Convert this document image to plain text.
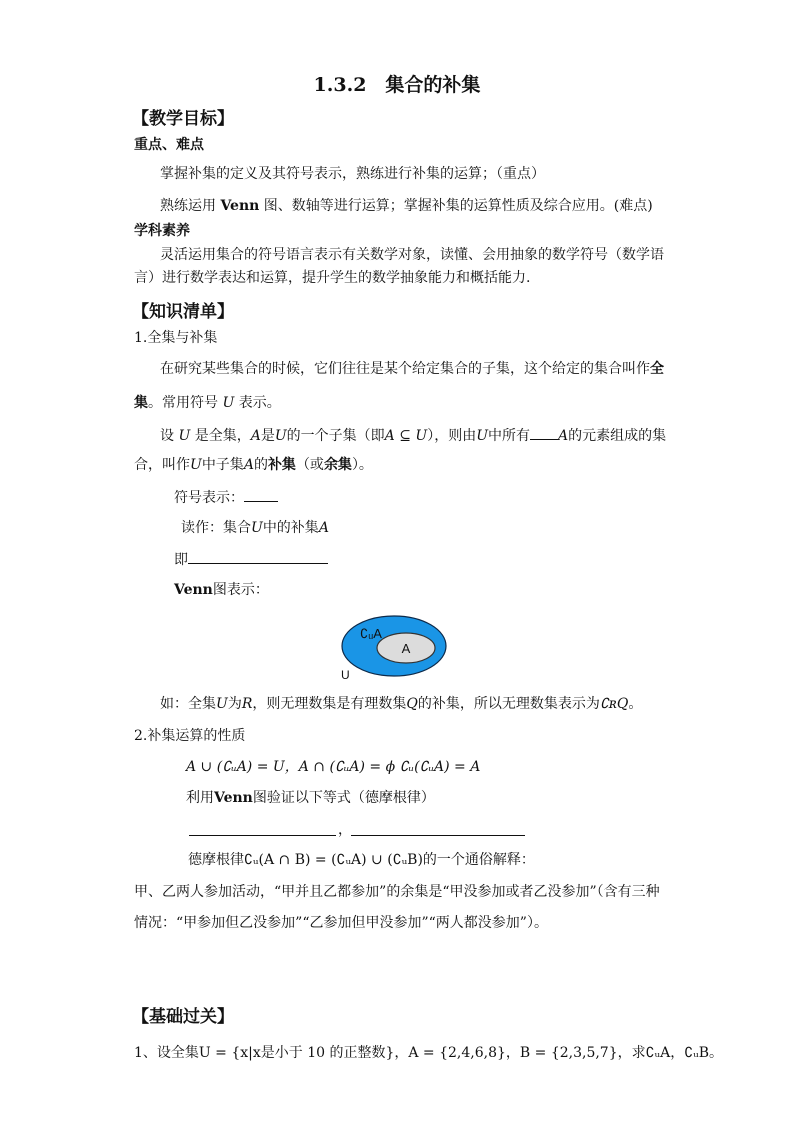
1.3.2　集合的补集
【教学目标】
重点、难点
掌握补集的定义及其符号表示，熟练进行补集的运算；（重点）
熟练运用 Venn 图、数轴等进行运算；掌握补集的运算性质及综合应用。(难点)
学科素养
灵活运用集合的符号语言表示有关数学对象，读懂、会用抽象的数学符号（数学语
言）进行数学表达和运算，提升学生的数学抽象能力和概括能力.
【知识清单】
1.全集与补集
在研究某些集合的时候，它们往往是某个给定集合的子集，这个给定的集合叫作全
集。常用符号 U 表示。
设 U 是全集，A是U的一个子集（即A ⊆ U），则由U中所有 A的元素组成的集
合，叫作U中子集A的补集（或余集）。
符号表示：
读作：集合U中的补集A
即
Venn图表示：
∁ᵤA
A
U
如：全集U为R，则无理数集是有理数集Q的补集，所以无理数集表示为∁ʀQ。
2.补集运算的性质
A ∪ (∁ᵤA) = U，A ∩ (∁ᵤA) = ϕ ∁ᵤ(∁ᵤA) = A
利用Venn图验证以下等式（德摩根律）
，
德摩根律∁ᵤ(A ∩ B) = (∁ᵤA) ∪ (∁ᵤB)的一个通俗解释：
甲、乙两人参加活动，“甲并且乙都参加”的余集是“甲没参加或者乙没参加”（含有三种
情况：“甲参加但乙没参加”“乙参加但甲没参加”“两人都没参加”）。
【基础过关】
1、设全集U = {x|x是小于 10 的正整数}，A = {2,4,6,8}，B = {2,3,5,7}，求∁ᵤA，∁ᵤB。
